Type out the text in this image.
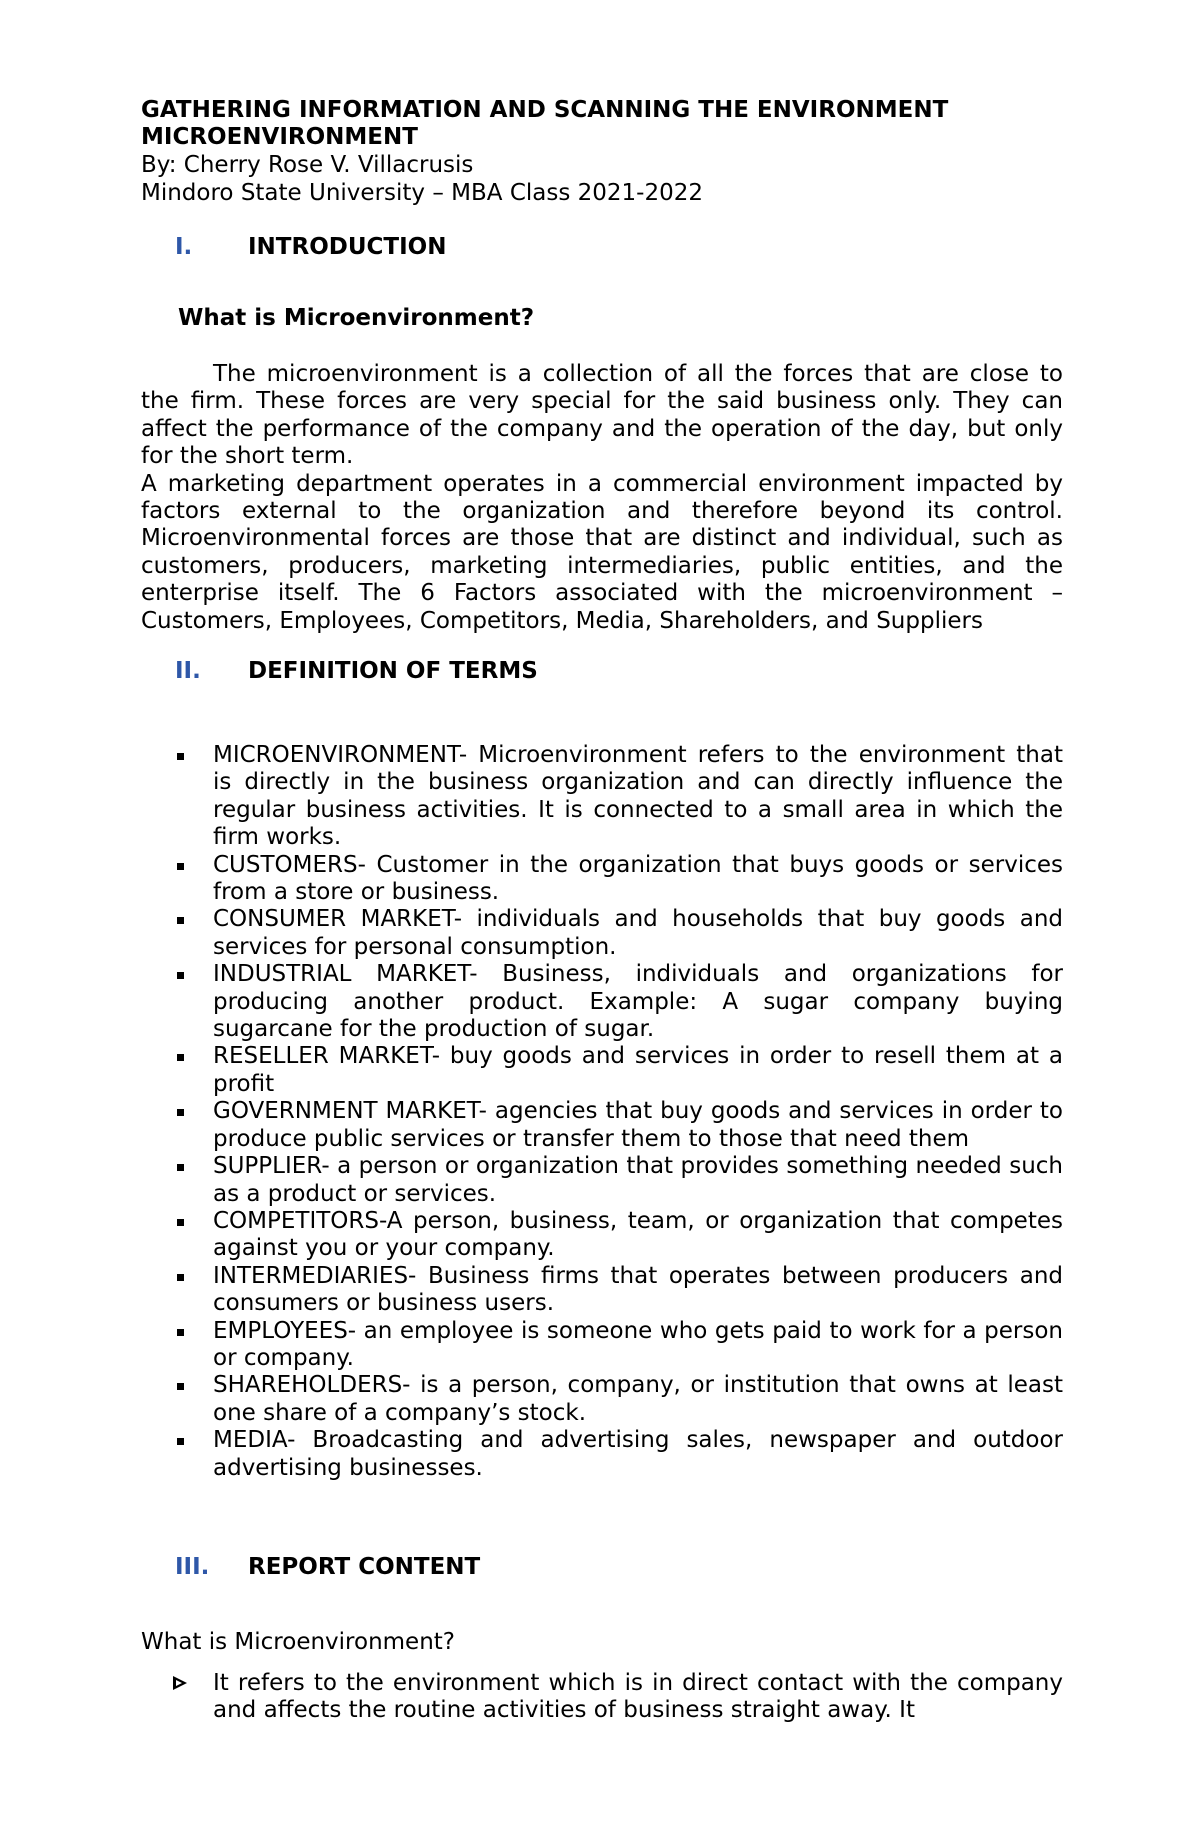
GATHERING INFORMATION AND SCANNING THE ENVIRONMENT
MICROENVIRONMENT
By: Cherry Rose V. Villacrusis
Mindoro State University – MBA Class 2021-2022
I. INTRODUCTION
What is Microenvironment?

The microenvironment is a collection of all the forces that are close to the firm. These forces are very special for the said business only. They can affect the performance of the company and the operation of the day, but only for the short term.

A marketing department operates in a commercial environment impacted by factors external to the organization and therefore beyond its control. Microenvironmental forces are those that are distinct and individual, such as customers, producers, marketing intermediaries, public entities, and the enterprise itself. The 6 Factors associated with the microenvironment – Customers, Employees, Competitors, Media, Shareholders, and Suppliers

II. DEFINITION OF TERMS
MICROENVIRONMENT- Microenvironment refers to the environment that is directly in the business organization and can directly influence the regular business activities. It is connected to a small area in which the firm works.
CUSTOMERS- Customer in the organization that buys goods or services from a store or business.
CONSUMER MARKET- individuals and households that buy goods and services for personal consumption.
INDUSTRIAL MARKET- Business, individuals and organizations for producing another product. Example: A sugar company buying sugarcane for the production of sugar.
RESELLER MARKET- buy goods and services in order to resell them at a profit
GOVERNMENT MARKET- agencies that buy goods and services in order to produce public services or transfer them to those that need them
SUPPLIER- a person or organization that provides something needed such as a product or services.
COMPETITORS-A person, business, team, or organization that competes against you or your company.
INTERMEDIARIES- Business firms that operates between producers and consumers or business users.
EMPLOYEES- an employee is someone who gets paid to work for a person or company.
SHAREHOLDERS- is a person, company, or institution that owns at least one share of a company’s stock.
MEDIA- Broadcasting and advertising sales, newspaper and outdoor advertising businesses.
III. REPORT CONTENT
What is Microenvironment?
It refers to the environment which is in direct contact with the company and affects the routine activities of business straight away. It
